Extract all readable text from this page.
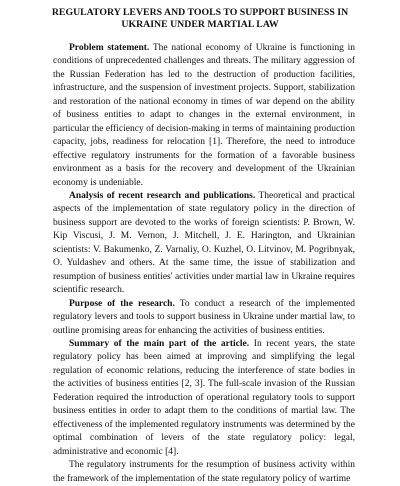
REGULATORY LEVERS AND TOOLS TO SUPPORT BUSINESS IN
UKRAINE UNDER MARTIAL LAW

Problem statement. The national economy of Ukraine is functioning in conditions of unprecedented challenges and threats. The military aggression of the Russian Federation has led to the destruction of production facilities, infrastructure, and the suspension of investment projects. Support, stabilization and restoration of the national economy in times of war depend on the ability of business entities to adapt to changes in the external environment, in particular the efficiency of decision-making in terms of maintaining production capacity, jobs, readiness for relocation [1]. Therefore, the need to introduce effective regulatory instruments for the formation of a favorable business environment as a basis for the recovery and development of the Ukrainian economy is undeniable.

Analysis of recent research and publications. Theoretical and practical aspects of the implementation of state regulatory policy in the direction of business support are devoted to the works of foreign scientists: P. Brown, W. Kip Viscusi, J. M. Vernon, J. Mitchell, J. E. Harington, and Ukrainian scientists: V. Bakumenko, Z. Varnaliy, O. Kuzhel, O. Litvinov, M. Pogribnyak, O. Yuldashev and others. At the same time, the issue of stabilization and resumption of business entities' activities under martial law in Ukraine requires scientific research.

Purpose of the research. To conduct a research of the implemented regulatory levers and tools to support business in Ukraine under martial law, to outline promising areas for enhancing the activities of business entities.

Summary of the main part of the article. In recent years, the state regulatory policy has been aimed at improving and simplifying the legal regulation of economic relations, reducing the interference of state bodies in the activities of business entities [2, 3]. The full-scale invasion of the Russian Federation required the introduction of operational regulatory tools to support business entities in order to adapt them to the conditions of martial law. The effectiveness of the implemented regulatory instruments was determined by the optimal combination of levers of the state regulatory policy: legal, administrative and economic [4].

The regulatory instruments for the resumption of business activity within the framework of the implementation of the state regulatory policy of wartime
